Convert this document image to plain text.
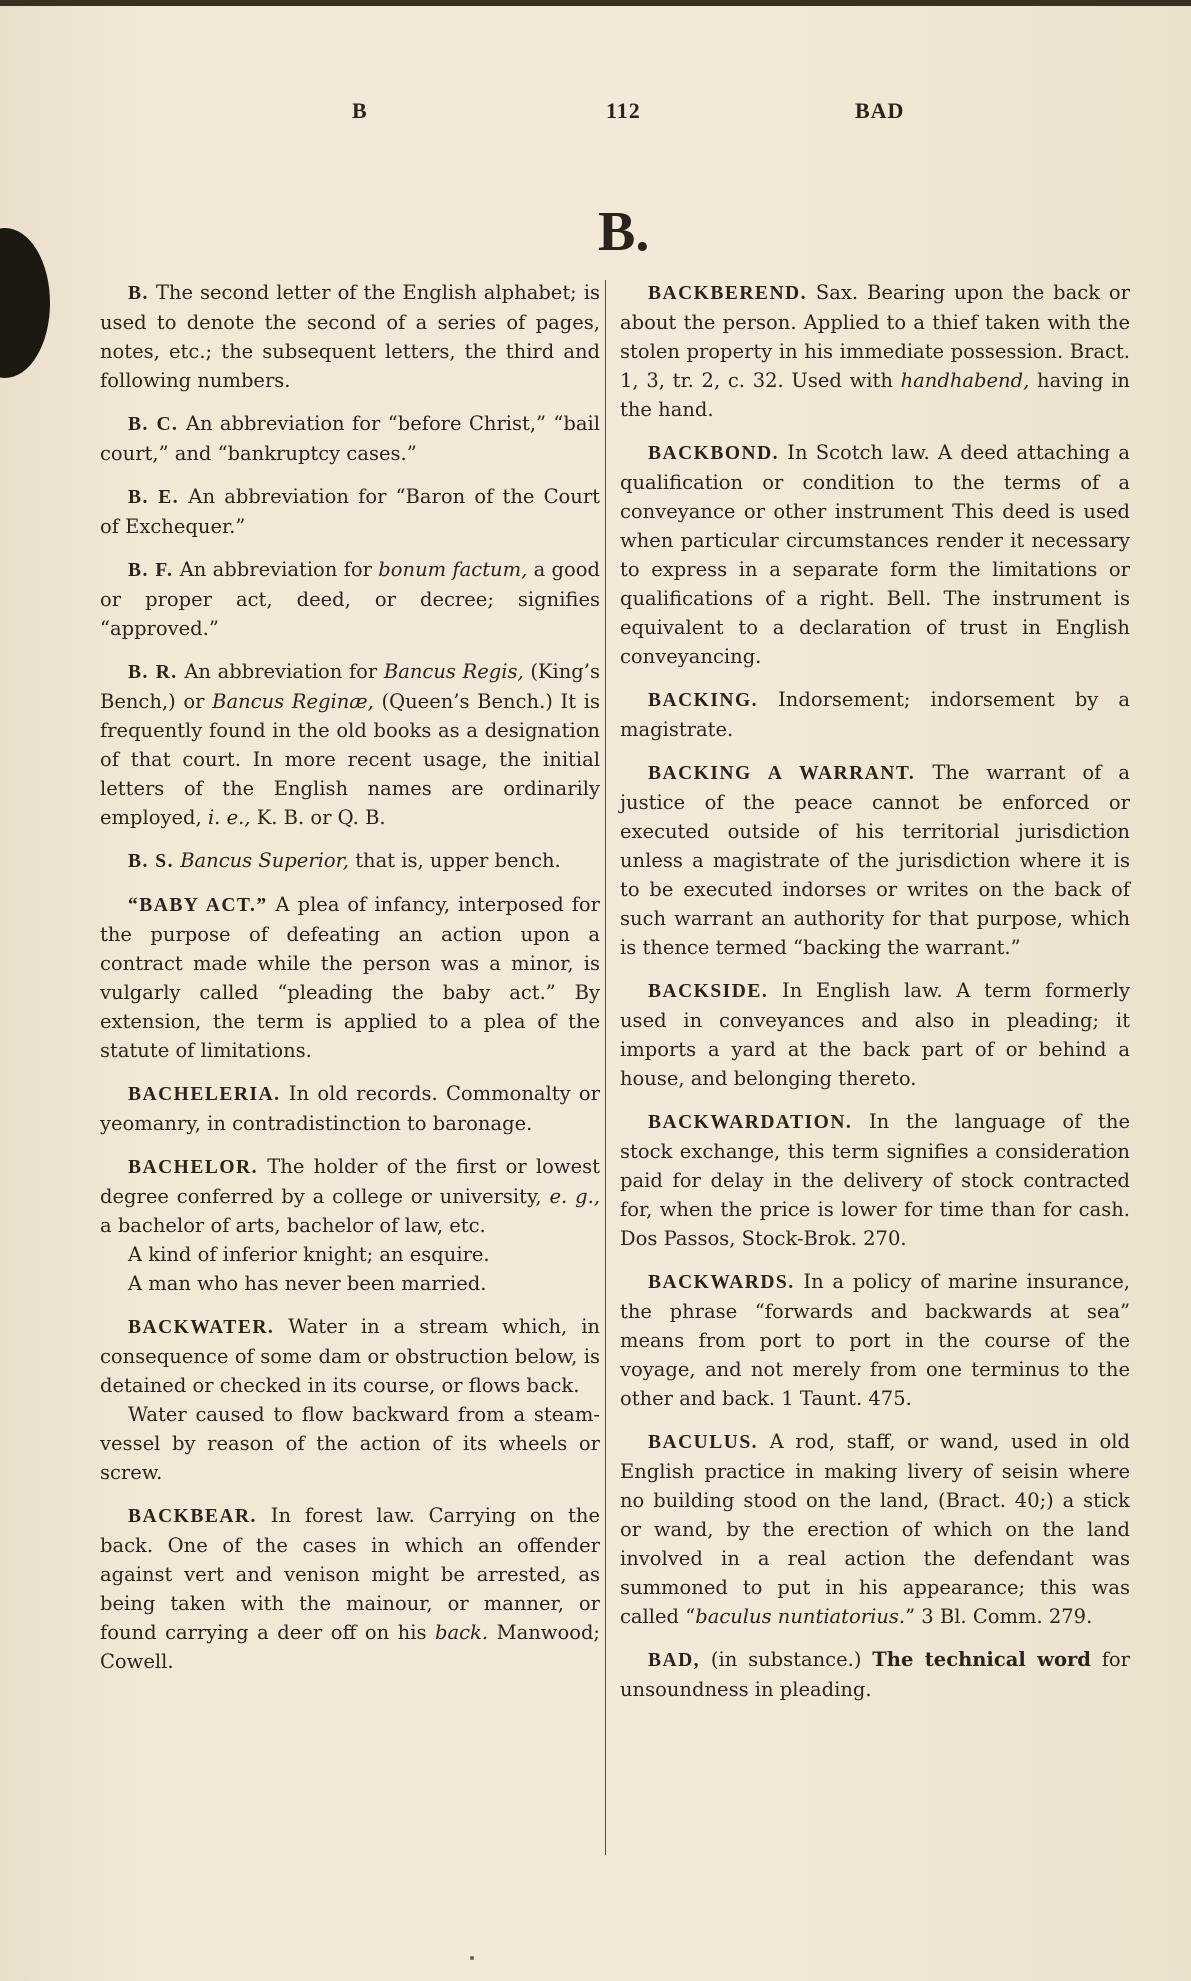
B	112	BAD
B.

B. The second letter of the English alphabet; is used to denote the second of a series of pages, notes, etc.; the subsequent letters, the third and following numbers.

B. C. An abbreviation for “before Christ,” “bail court,” and “bankruptcy cases.”

B. E. An abbreviation for “Baron of the Court of Exchequer.”

B. F. An abbreviation for bonum factum, a good or proper act, deed, or decree; signifies “approved.”

B. R. An abbreviation for Bancus Regis, (King’s Bench,) or Bancus Reginæ, (Queen’s Bench.) It is frequently found in the old books as a designation of that court. In more recent usage, the initial letters of the English names are ordinarily employed, i. e., K. B. or Q. B.

B. S. Bancus Superior, that is, upper bench.

“BABY ACT.” A plea of infancy, interposed for the purpose of defeating an action upon a contract made while the person was a minor, is vulgarly called “pleading the baby act.” By extension, the term is applied to a plea of the statute of limitations.

BACHELERIA. In old records. Commonalty or yeomanry, in contradistinction to baronage.

BACHELOR. The holder of the first or lowest degree conferred by a college or university, e. g., a bachelor of arts, bachelor of law, etc.

A kind of inferior knight; an esquire.

A man who has never been married.

BACKWATER. Water in a stream which, in consequence of some dam or obstruction below, is detained or checked in its course, or flows back.

Water caused to flow backward from a steam-vessel by reason of the action of its wheels or screw.

BACKBEAR. In forest law. Carrying on the back. One of the cases in which an offender against vert and venison might be arrested, as being taken with the mainour, or manner, or found carrying a deer off on his back. Manwood; Cowell.

BACKBEREND. Sax. Bearing upon the back or about the person. Applied to a thief taken with the stolen property in his immediate possession. Bract. 1, 3, tr. 2, c. 32. Used with handhabend, having in the hand.

BACKBOND. In Scotch law. A deed attaching a qualification or condition to the terms of a conveyance or other instrument This deed is used when particular circumstances render it necessary to express in a separate form the limitations or qualifications of a right. Bell. The instrument is equivalent to a declaration of trust in English conveyancing.

BACKING. Indorsement; indorsement by a magistrate.

BACKING A WARRANT. The warrant of a justice of the peace cannot be enforced or executed outside of his territorial jurisdiction unless a magistrate of the jurisdiction where it is to be executed indorses or writes on the back of such warrant an authority for that purpose, which is thence termed “backing the warrant.”

BACKSIDE. In English law. A term formerly used in conveyances and also in pleading; it imports a yard at the back part of or behind a house, and belonging thereto.

BACKWARDATION. In the language of the stock exchange, this term signifies a consideration paid for delay in the delivery of stock contracted for, when the price is lower for time than for cash. Dos Passos, Stock-Brok. 270.

BACKWARDS. In a policy of marine insurance, the phrase “forwards and backwards at sea” means from port to port in the course of the voyage, and not merely from one terminus to the other and back. 1 Taunt. 475.

BACULUS. A rod, staff, or wand, used in old English practice in making livery of seisin where no building stood on the land, (Bract. 40;) a stick or wand, by the erection of which on the land involved in a real action the defendant was summoned to put in his appearance; this was called “baculus nuntiatorius.” 3 Bl. Comm. 279.

BAD, (in substance.) The technical word for unsoundness in pleading.
